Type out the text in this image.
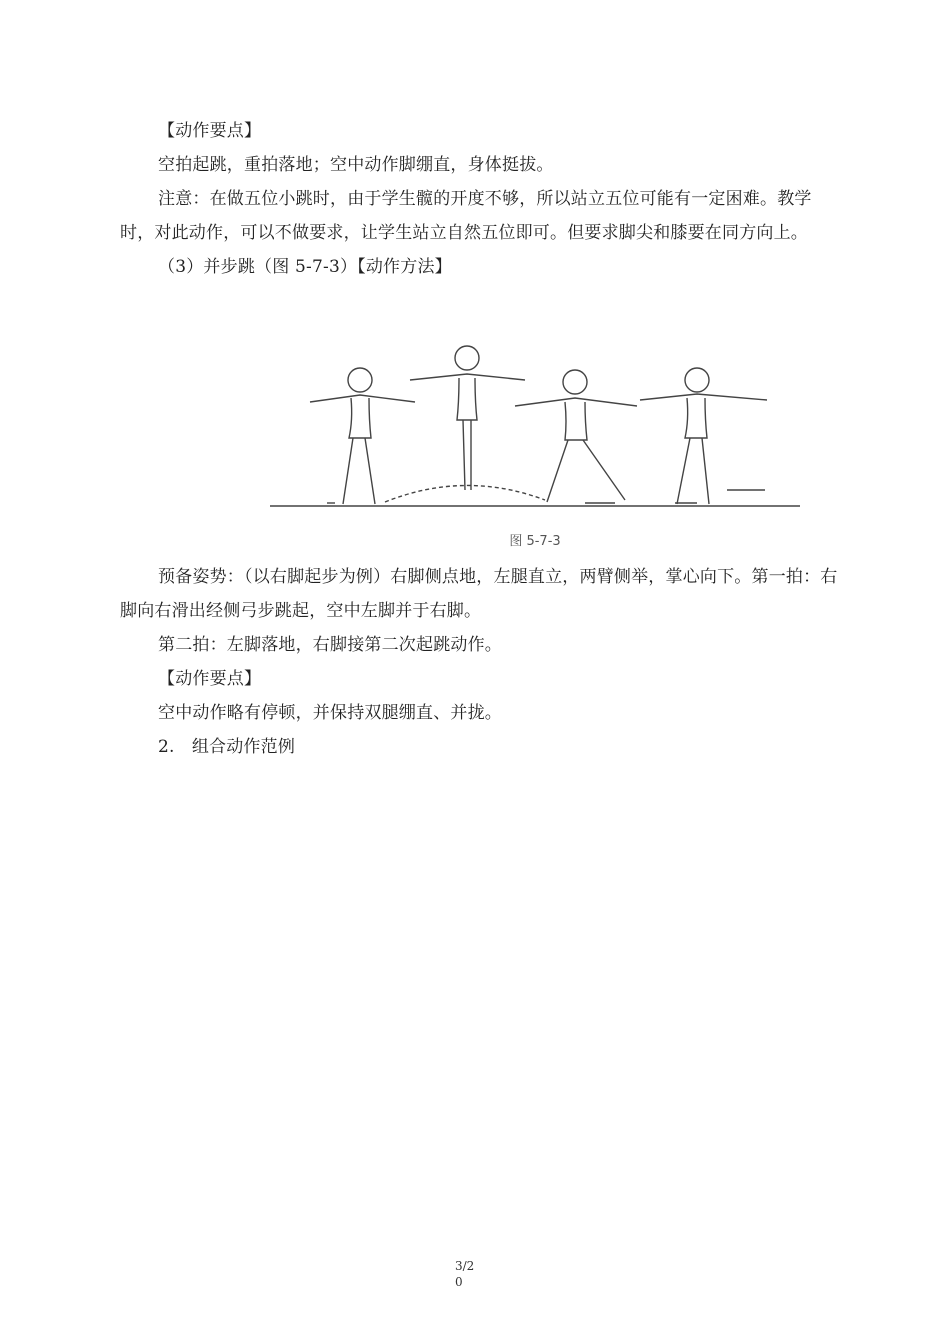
【动作要点】

空拍起跳，重拍落地；空中动作脚绷直，身体挺拔。

注意：在做五位小跳时，由于学生髋的开度不够，所以站立五位可能有一定困难。教学时，对此动作，可以不做要求，让学生站立自然五位即可。但要求脚尖和膝要在同方向上。

（3）并步跳（图 5-7-3）【动作方法】

图 5-7-3

预备姿势：（以右脚起步为例）右脚侧点地，左腿直立，两臂侧举，掌心向下。第一拍：右脚向右滑出经侧弓步跳起，空中左脚并于右脚。

第二拍：左脚落地，右脚接第二次起跳动作。

【动作要点】

空中动作略有停顿，并保持双腿绷直、并拢。

2.　组合动作范例

3/2
0
